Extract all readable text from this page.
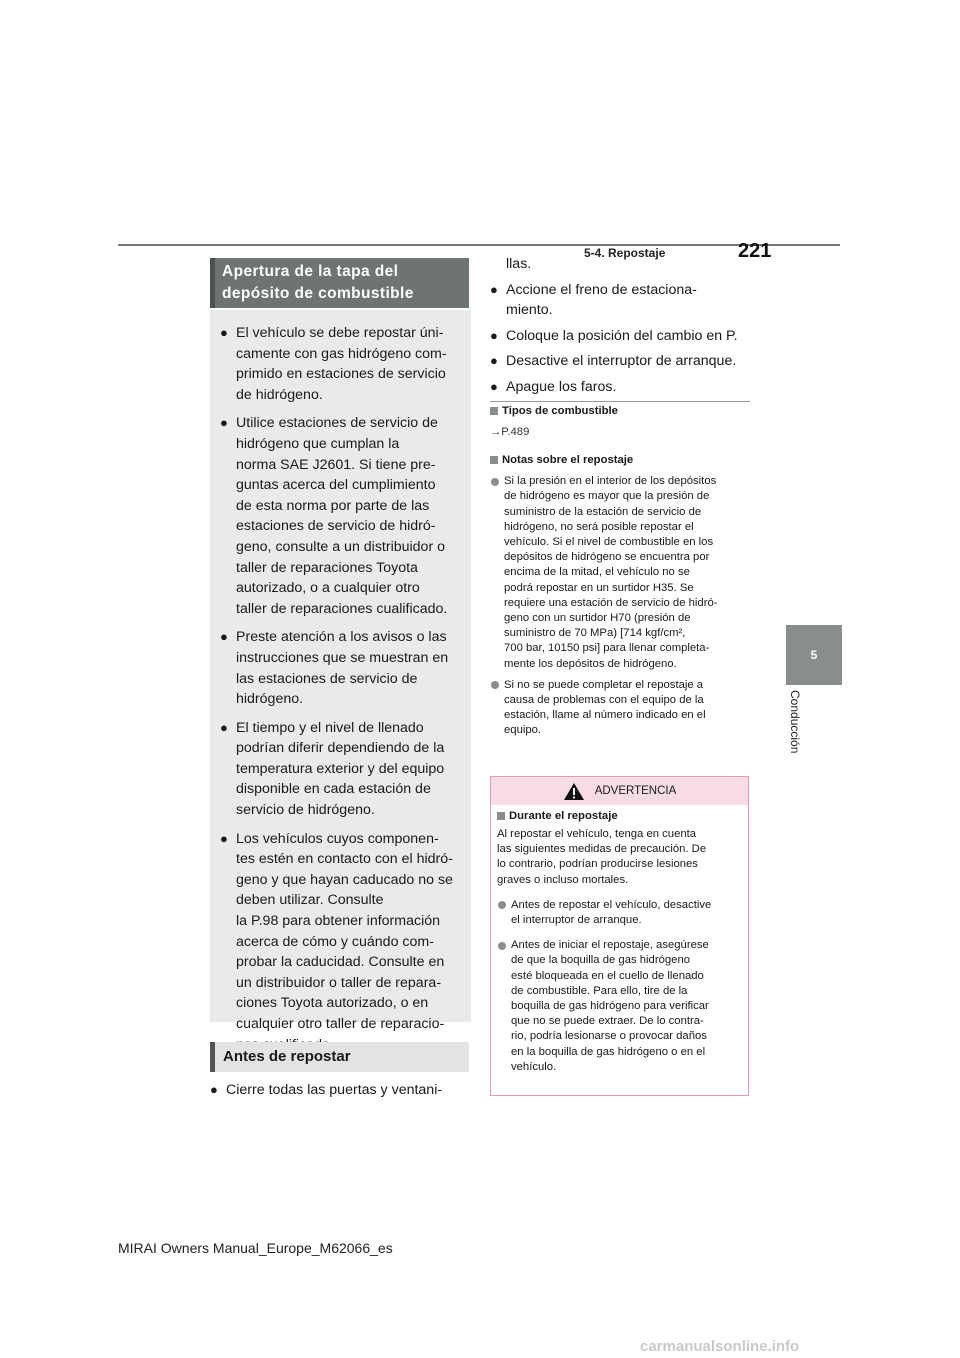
5-4. Repostaje	221
5
Conducción
Apertura de la tapa del depósito de combustible
● El vehículo se debe repostar úni-
camente con gas hidrógeno com-
primido en estaciones de servicio
de hidrógeno.
● Utilice estaciones de servicio de
hidrógeno que cumplan la
norma SAE J2601. Si tiene pre-
guntas acerca del cumplimiento
de esta norma por parte de las
estaciones de servicio de hidró-
geno, consulte a un distribuidor o
taller de reparaciones Toyota
autorizado, o a cualquier otro
taller de reparaciones cualificado.
● Preste atención a los avisos o las
instrucciones que se muestran en
las estaciones de servicio de
hidrógeno.
● El tiempo y el nivel de llenado
podrían diferir dependiendo de la
temperatura exterior y del equipo
disponible en cada estación de
servicio de hidrógeno.
● Los vehículos cuyos componen-
tes estén en contacto con el hidró-
geno y que hayan caducado no se
deben utilizar. Consulte
la P.98 para obtener información
acerca de cómo y cuándo com-
probar la caducidad. Consulte en
un distribuidor o taller de repara-
ciones Toyota autorizado, o en
cualquier otro taller de reparacio-

Antes de repostar
● Cierre todas las puertas y ventani-
llas.
● Accione el freno de estaciona-
miento.
● Coloque la posición del cambio en P.
● Desactive el interruptor de arranque.
● Apague los faros.
Tipos de combustible
→P.489
Notas sobre el repostaje
Si la presión en el interior de los depósitos
de hidrógeno es mayor que la presión de
suministro de la estación de servicio de
hidrógeno, no será posible repostar el
vehículo. Si el nivel de combustible en los
depósitos de hidrógeno se encuentra por
encima de la mitad, el vehículo no se
podrá repostar en un surtidor H35. Se
requiere una estación de servicio de hidró-
geno con un surtidor H70 (presión de
suministro de 70 MPa) [714 kgf/cm²,
700 bar, 10150 psi] para llenar completa-
mente los depósitos de hidrógeno.
Si no se puede completar el repostaje a
causa de problemas con el equipo de la
estación, llame al número indicado en el
equipo.
ADVERTENCIA
Durante el repostaje
Al repostar el vehículo, tenga en cuenta
las siguientes medidas de precaución. De
lo contrario, podrían producirse lesiones
graves o incluso mortales.
Antes de repostar el vehículo, desactive
el interruptor de arranque.
Antes de iniciar el repostaje, asegúrese
de que la boquilla de gas hidrógeno
esté bloqueada en el cuello de llenado
de combustible. Para ello, tire de la
boquilla de gas hidrógeno para verificar
que no se puede extraer. De lo contra-
rio, podría lesionarse o provocar daños
en la boquilla de gas hidrógeno o en el
vehículo.
MIRAI Owners Manual_Europe_M62066_es
carmanualsonline.info
